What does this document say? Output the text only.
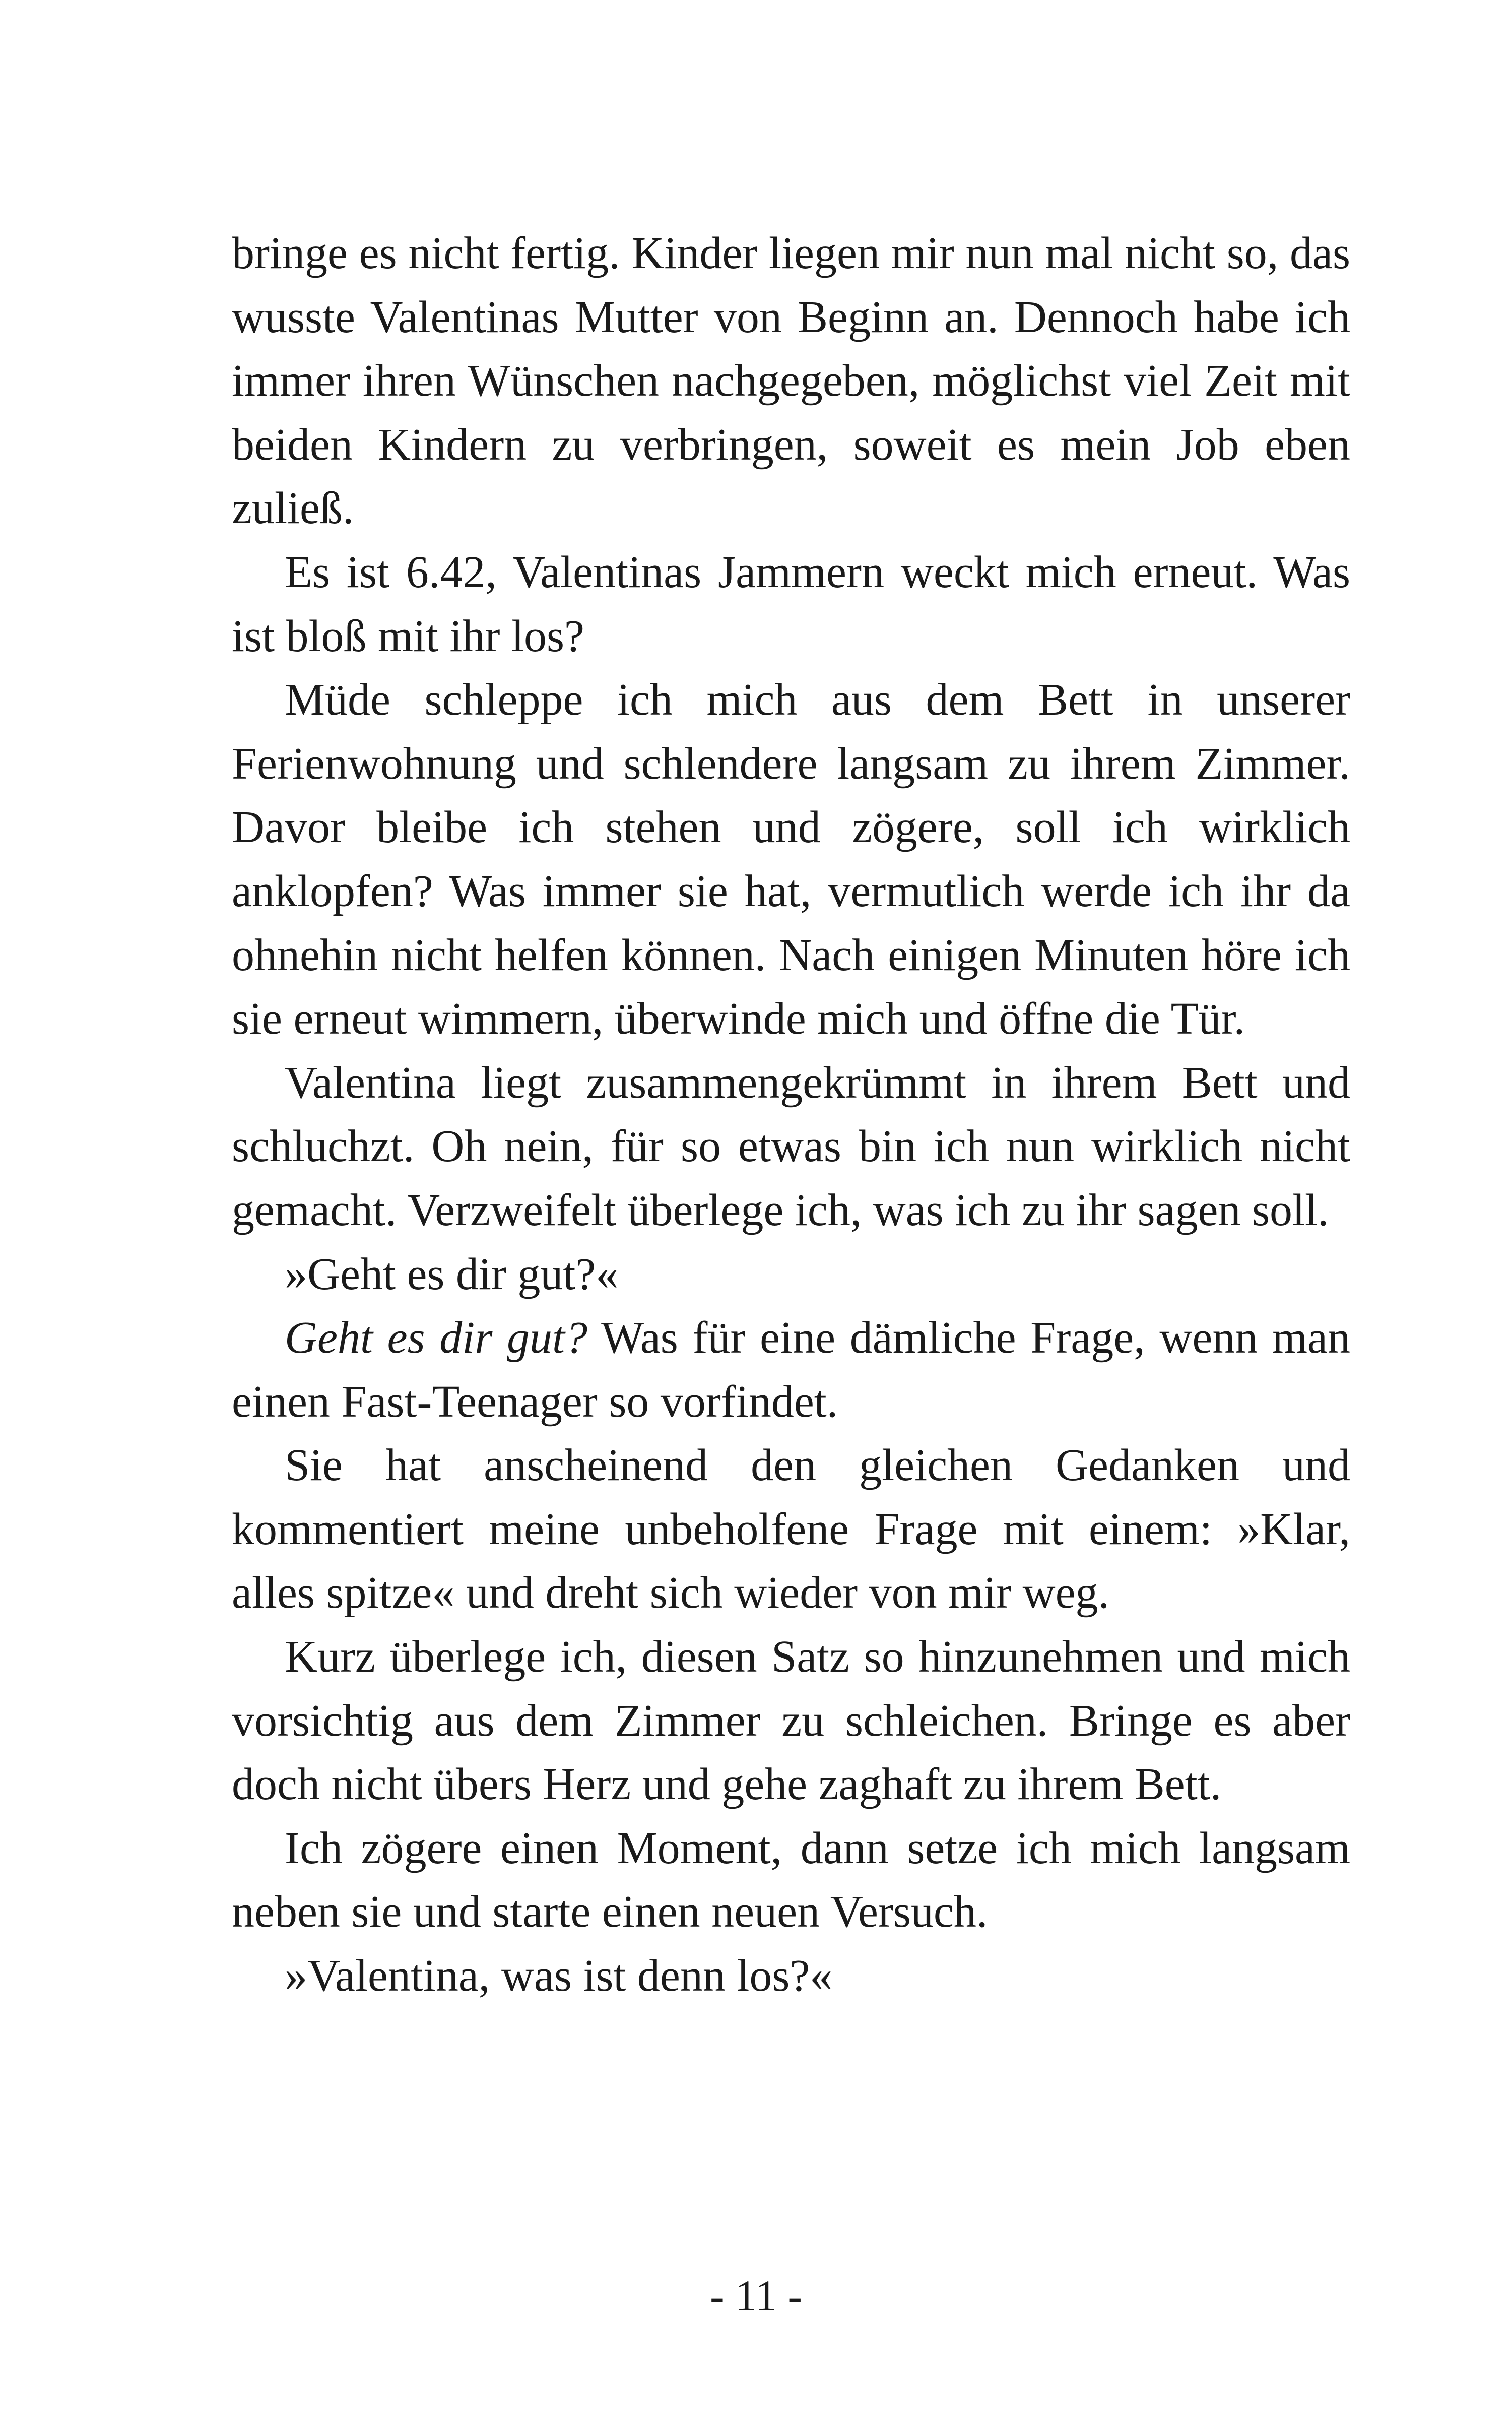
bringe es nicht fertig. Kinder liegen mir nun mal nicht so, das wusste Valentinas Mutter von Beginn an. Dennoch habe ich immer ihren Wünschen nachgegeben, möglichst viel Zeit mit beiden Kindern zu verbringen, soweit es mein Job eben zuließ.

Es ist 6.42, Valentinas Jammern weckt mich erneut. Was ist bloß mit ihr los?

Müde schleppe ich mich aus dem Bett in unserer Ferienwohnung und schlendere langsam zu ihrem Zimmer. Davor bleibe ich stehen und zögere, soll ich wirklich anklopfen? Was immer sie hat, vermutlich werde ich ihr da ohnehin nicht helfen können. Nach einigen Minuten höre ich sie erneut wimmern, überwinde mich und öffne die Tür.

Valentina liegt zusammengekrümmt in ihrem Bett und schluchzt. Oh nein, für so etwas bin ich nun wirklich nicht gemacht. Verzweifelt überlege ich, was ich zu ihr sagen soll.

»Geht es dir gut?«

Geht es dir gut? Was für eine dämliche Frage, wenn man einen Fast-Teenager so vorfindet.

Sie hat anscheinend den gleichen Gedanken und kommentiert meine unbeholfene Frage mit einem: »Klar, alles spitze« und dreht sich wieder von mir weg.

Kurz überlege ich, diesen Satz so hinzunehmen und mich vorsichtig aus dem Zimmer zu schleichen. Bringe es aber doch nicht übers Herz und gehe zaghaft zu ihrem Bett.

Ich zögere einen Moment, dann setze ich mich langsam neben sie und starte einen neuen Versuch.

»Valentina, was ist denn los?«

- 11 -
